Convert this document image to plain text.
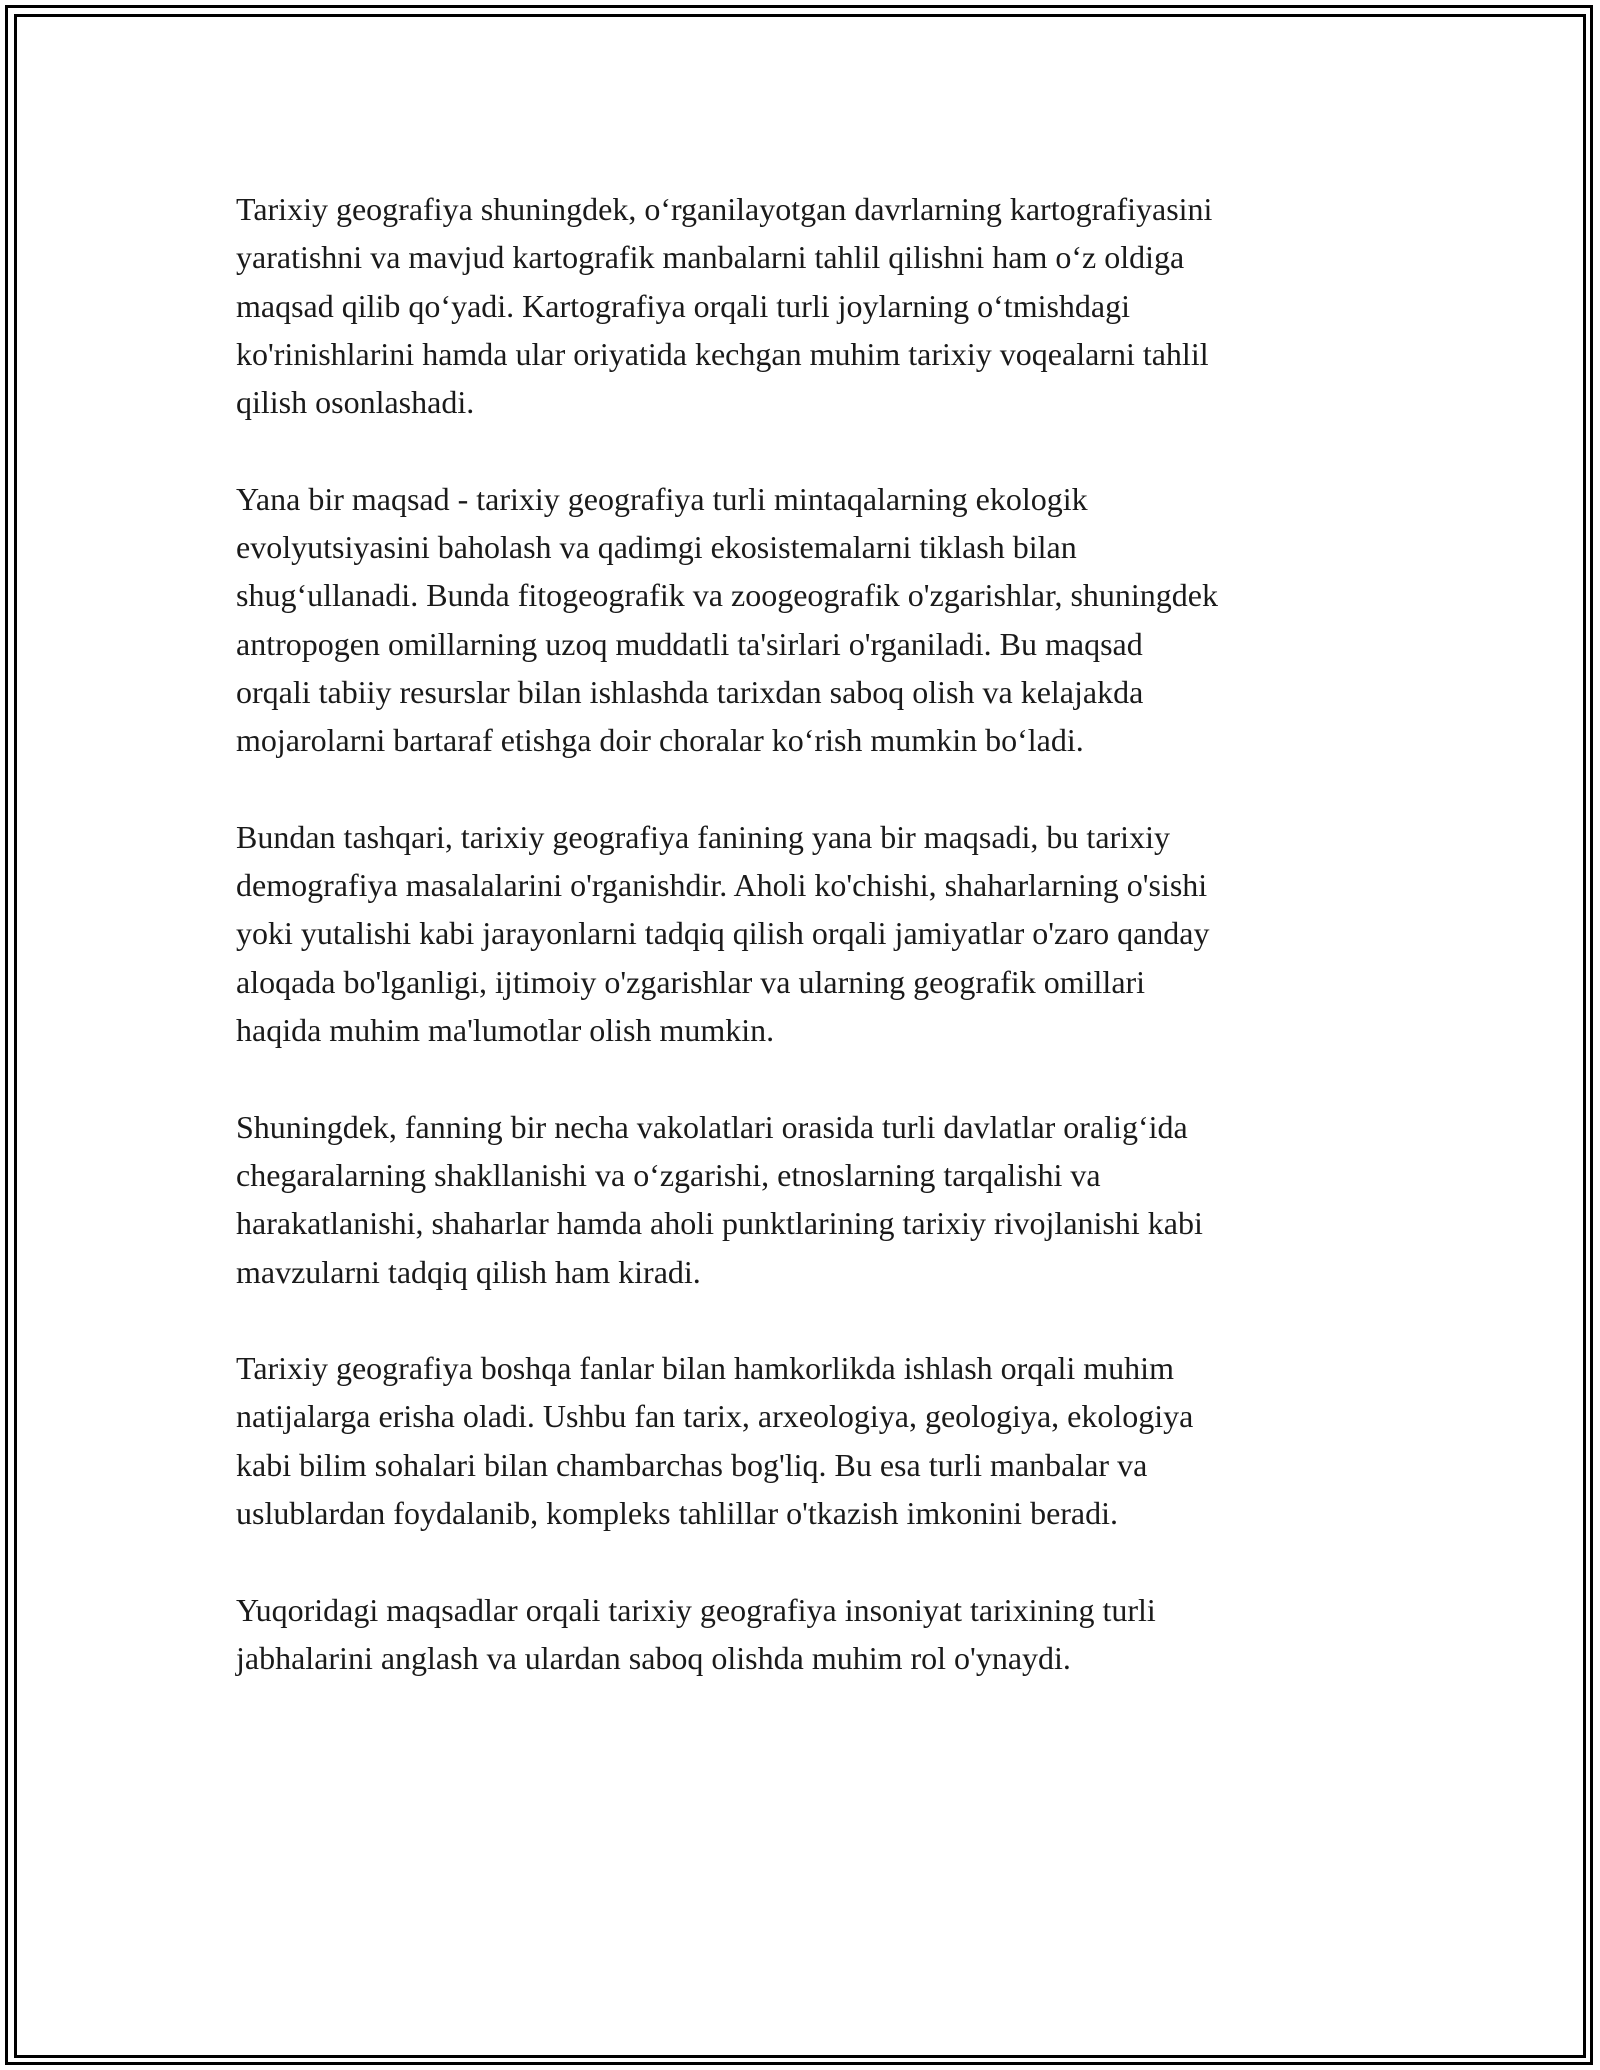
Tarixiy geografiya shuningdek, o‘rganilayotgan davrlarning kartografiyasini
yaratishni va mavjud kartografik manbalarni tahlil qilishni ham o‘z oldiga
maqsad qilib qo‘yadi. Kartografiya orqali turli joylarning o‘tmishdagi
ko'rinishlarini hamda ular oriyatida kechgan muhim tarixiy voqealarni tahlil
qilish osonlashadi.

Yana bir maqsad - tarixiy geografiya turli mintaqalarning ekologik
evolyutsiyasini baholash va qadimgi ekosistemalarni tiklash bilan
shug‘ullanadi. Bunda fitogeografik va zoogeografik o'zgarishlar, shuningdek
antropogen omillarning uzoq muddatli ta'sirlari o'rganiladi. Bu maqsad
orqali tabiiy resurslar bilan ishlashda tarixdan saboq olish va kelajakda
mojarolarni bartaraf etishga doir choralar ko‘rish mumkin bo‘ladi.

Bundan tashqari, tarixiy geografiya fanining yana bir maqsadi, bu tarixiy
demografiya masalalarini o'rganishdir. Aholi ko'chishi, shaharlarning o'sishi
yoki yutalishi kabi jarayonlarni tadqiq qilish orqali jamiyatlar o'zaro qanday
aloqada bo'lganligi, ijtimoiy o'zgarishlar va ularning geografik omillari
haqida muhim ma'lumotlar olish mumkin.

Shuningdek, fanning bir necha vakolatlari orasida turli davlatlar oralig‘ida
chegaralarning shakllanishi va o‘zgarishi, etnoslarning tarqalishi va
harakatlanishi, shaharlar hamda aholi punktlarining tarixiy rivojlanishi kabi
mavzularni tadqiq qilish ham kiradi.

Tarixiy geografiya boshqa fanlar bilan hamkorlikda ishlash orqali muhim
natijalarga erisha oladi. Ushbu fan tarix, arxeologiya, geologiya, ekologiya
kabi bilim sohalari bilan chambarchas bog'liq. Bu esa turli manbalar va
uslublardan foydalanib, kompleks tahlillar o'tkazish imkonini beradi.

Yuqoridagi maqsadlar orqali tarixiy geografiya insoniyat tarixining turli
jabhalarini anglash va ulardan saboq olishda muhim rol o'ynaydi.
